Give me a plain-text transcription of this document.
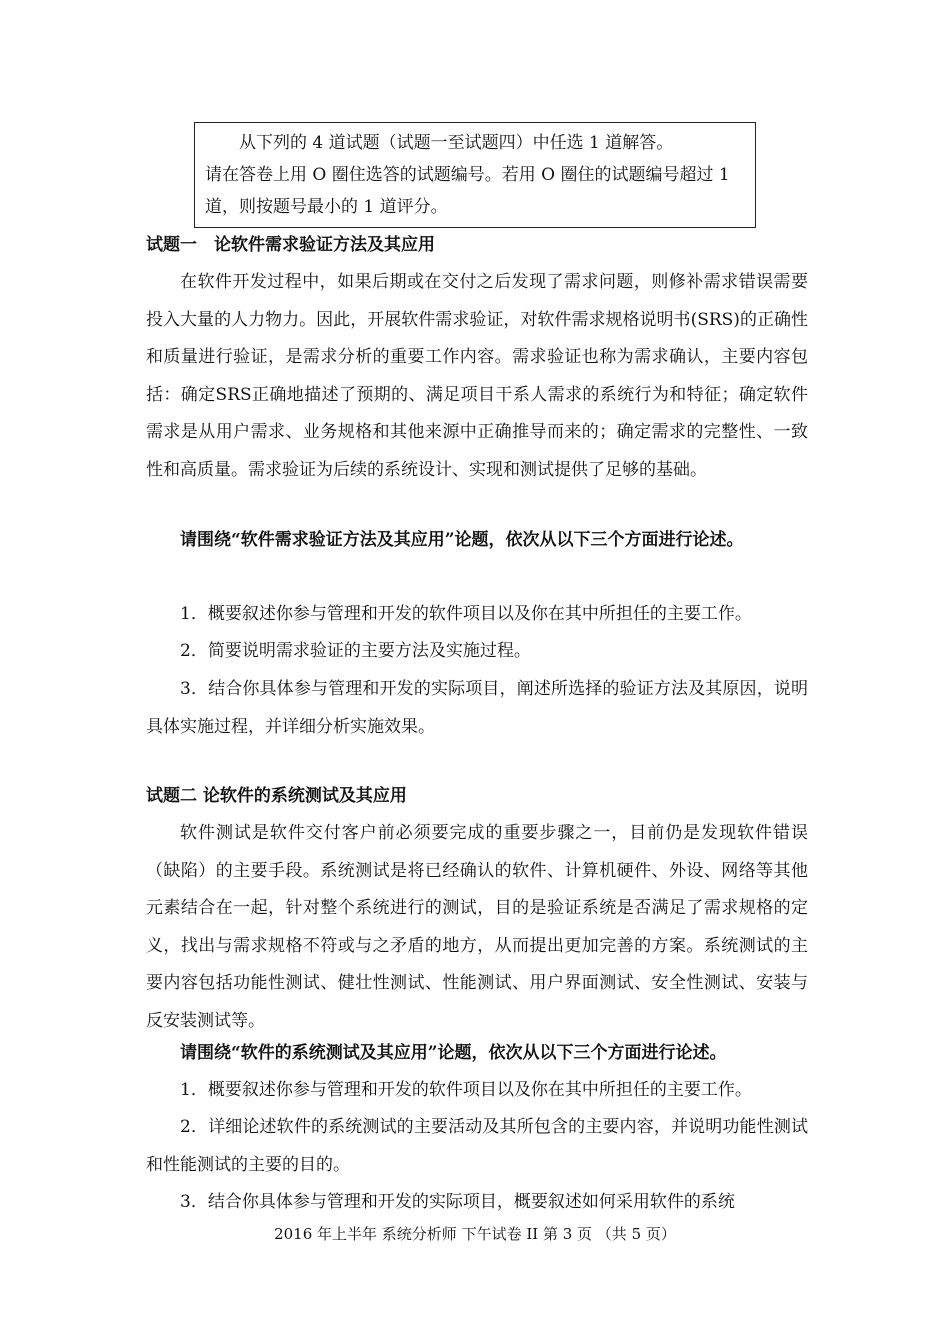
从下列的 4 道试题（试题一至试题四）中任选 1 道解答。

请在答卷上用 O 圈住选答的试题编号。若用 O 圈住的试题编号超过 1 道，则按题号最小的 1 道评分。

试题一　论软件需求验证方法及其应用

在软件开发过程中，如果后期或在交付之后发现了需求问题，则修补需求错误需要投入大量的人力物力。因此，开展软件需求验证，对软件需求规格说明书(SRS)的正确性和质量进行验证，是需求分析的重要工作内容。需求验证也称为需求确认，主要内容包括：确定SRS正确地描述了预期的、满足项目干系人需求的系统行为和特征；确定软件需求是从用户需求、业务规格和其他来源中正确推导而来的；确定需求的完整性、一致性和高质量。需求验证为后续的系统设计、实现和测试提供了足够的基础。

请围绕“软件需求验证方法及其应用”论题，依次从以下三个方面进行论述。

1．概要叙述你参与管理和开发的软件项目以及你在其中所担任的主要工作。

2．简要说明需求验证的主要方法及实施过程。

3．结合你具体参与管理和开发的实际项目，阐述所选择的验证方法及其原因，说明具体实施过程，并详细分析实施效果。

试题二 论软件的系统测试及其应用

软件测试是软件交付客户前必须要完成的重要步骤之一，目前仍是发现软件错误（缺陷）的主要手段。系统测试是将已经确认的软件、计算机硬件、外设、网络等其他元素结合在一起，针对整个系统进行的测试，目的是验证系统是否满足了需求规格的定义，找出与需求规格不符或与之矛盾的地方，从而提出更加完善的方案。系统测试的主要内容包括功能性测试、健壮性测试、性能测试、用户界面测试、安全性测试、安装与反安装测试等。

请围绕“软件的系统测试及其应用”论题，依次从以下三个方面进行论述。

1．概要叙述你参与管理和开发的软件项目以及你在其中所担任的主要工作。

2．详细论述软件的系统测试的主要活动及其所包含的主要内容，并说明功能性测试和性能测试的主要的目的。

3．结合你具体参与管理和开发的实际项目，概要叙述如何采用软件的系统

2016 年上半年 系统分析师 下午试卷 II 第 3 页 （共 5 页）
